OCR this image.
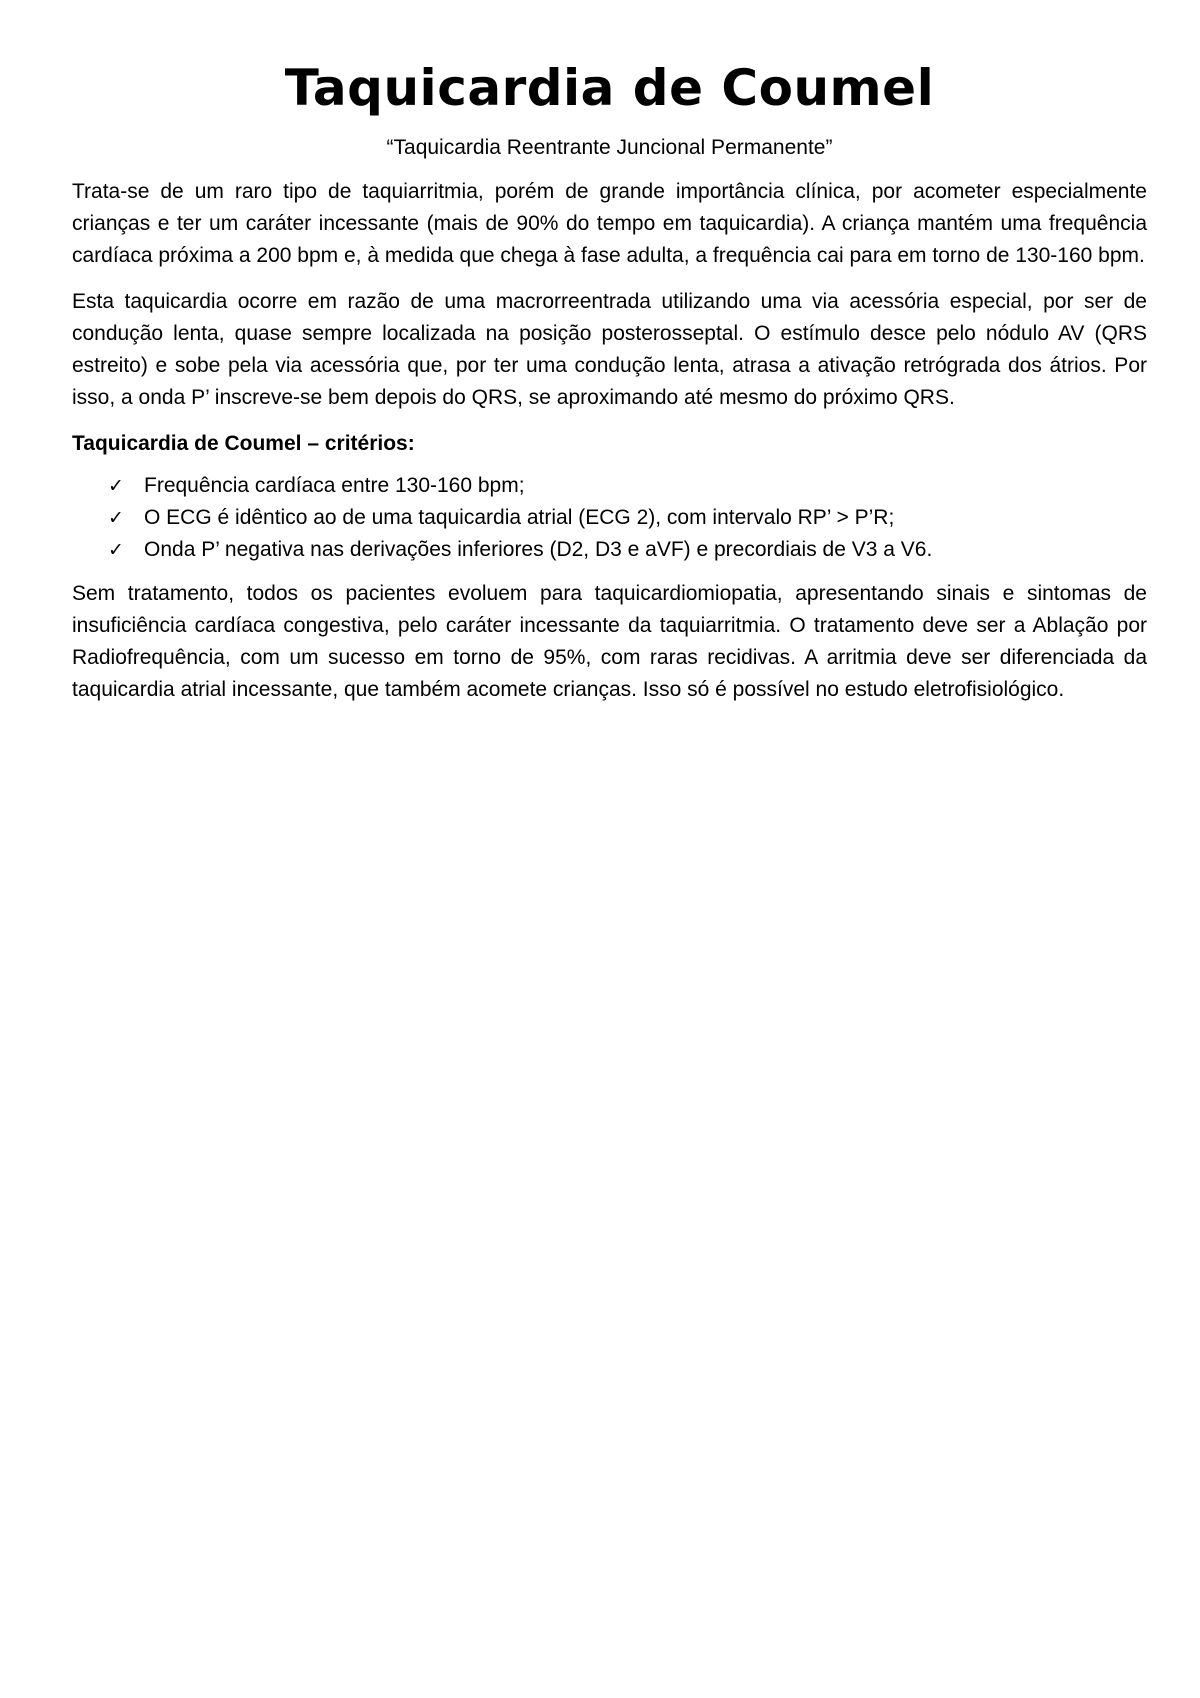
Taquicardia de Coumel

“Taquicardia Reentrante Juncional Permanente”

Trata-se de um raro tipo de taquiarritmia, porém de grande importância clínica, por acometer especialmente crianças e ter um caráter incessante (mais de 90% do tempo em taquicardia). A criança mantém uma frequência cardíaca próxima a 200 bpm e, à medida que chega à fase adulta, a frequência cai para em torno de 130-160 bpm.

Esta taquicardia ocorre em razão de uma macrorreentrada utilizando uma via acessória especial, por ser de condução lenta, quase sempre localizada na posição posterosseptal. O estímulo desce pelo nódulo AV (QRS estreito) e sobe pela via acessória que, por ter uma condução lenta, atrasa a ativação retrógrada dos átrios. Por isso, a onda P’ inscreve-se bem depois do QRS, se aproximando até mesmo do próximo QRS.

Taquicardia de Coumel – critérios:

✓ Frequência cardíaca entre 130-160 bpm;
✓ O ECG é idêntico ao de uma taquicardia atrial (ECG 2), com intervalo RP’ > P’R;
✓ Onda P’ negativa nas derivações inferiores (D2, D3 e aVF) e precordiais de V3 a V6.

Sem tratamento, todos os pacientes evoluem para taquicardiomiopatia, apresentando sinais e sintomas de insuficiência cardíaca congestiva, pelo caráter incessante da taquiarritmia. O tratamento deve ser a Ablação por Radiofrequência, com um sucesso em torno de 95%, com raras recidivas. A arritmia deve ser diferenciada da taquicardia atrial incessante, que também acomete crianças. Isso só é possível no estudo eletrofisiológico.
